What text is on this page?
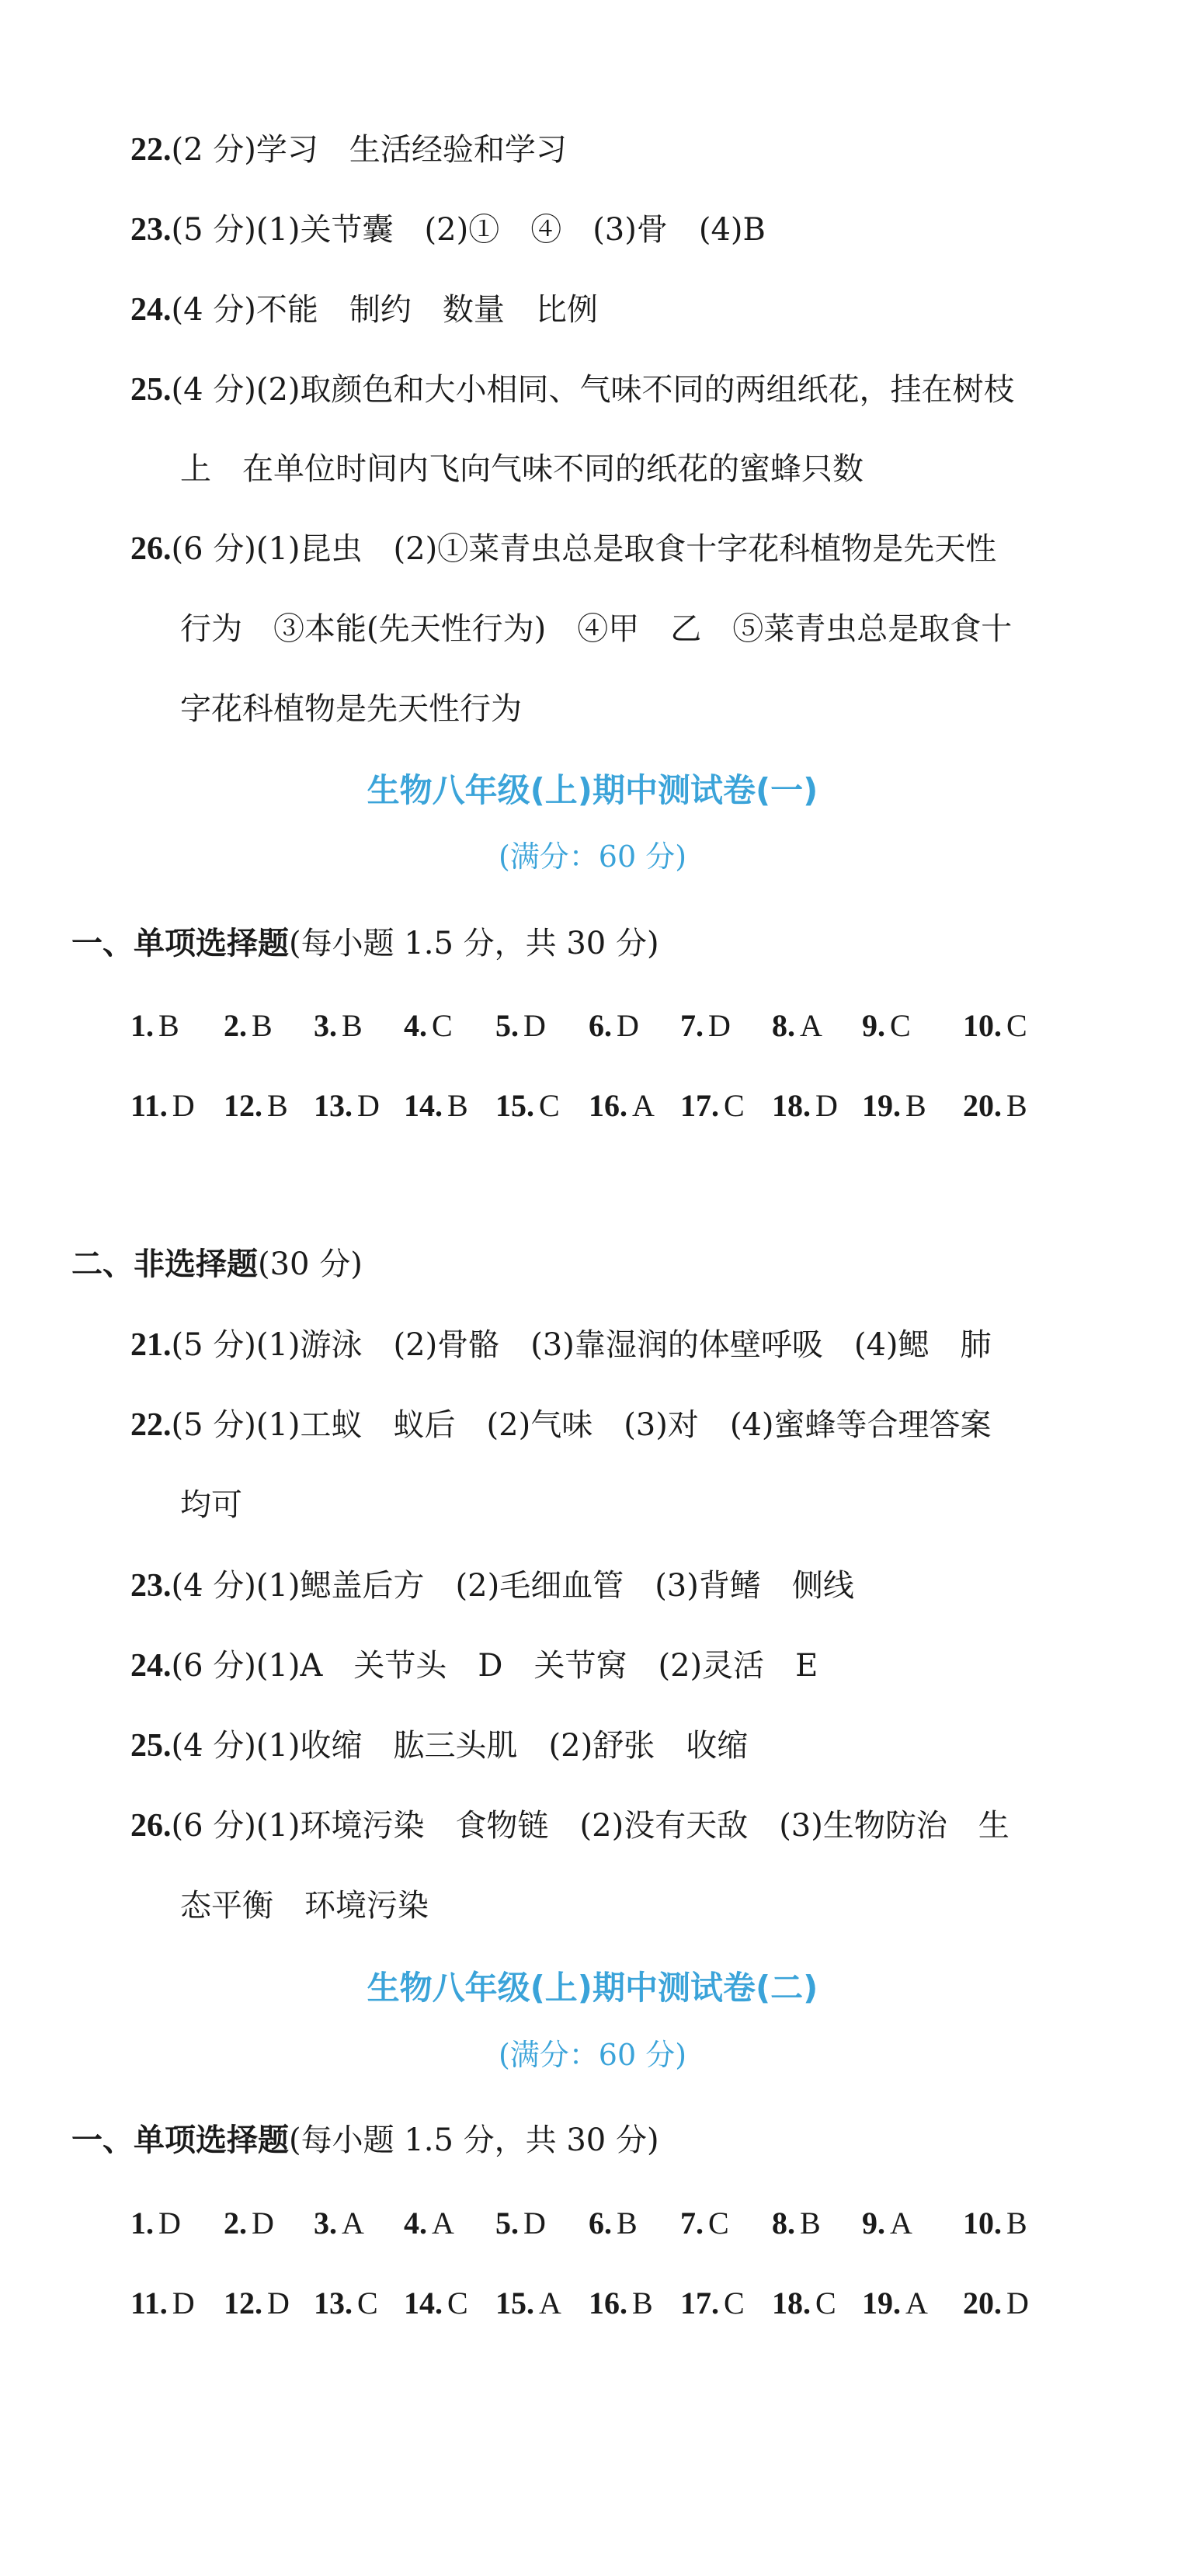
22.(2 分)学习　生活经验和学习
23.(5 分)(1)关节囊　(2)①　④　(3)骨　(4)B
24.(4 分)不能　制约　数量　比例
25.(4 分)(2)取颜色和大小相同、气味不同的两组纸花，挂在树枝
上　在单位时间内飞向气味不同的纸花的蜜蜂只数
26.(6 分)(1)昆虫　(2)①菜青虫总是取食十字花科植物是先天性
行为　③本能(先天性行为)　④甲　乙　⑤菜青虫总是取食十
字花科植物是先天性行为
生物八年级(上)期中测试卷(一)
(满分：60 分)
一、单项选择题(每小题 1.5 分，共 30 分)
1. B 2. B 3. B 4. C 5. D 6. D 7. D 8. A 9. C 10. C
11. D 12. B 13. D 14. B 15. C 16. A 17. C 18. D 19. B 20. B
二、非选择题(30 分)
21.(5 分)(1)游泳　(2)骨骼　(3)靠湿润的体壁呼吸　(4)鳃　肺
22.(5 分)(1)工蚁　蚁后　(2)气味　(3)对　(4)蜜蜂等合理答案
均可
23.(4 分)(1)鳃盖后方　(2)毛细血管　(3)背鳍　侧线
24.(6 分)(1)A　关节头　D　关节窝　(2)灵活　E
25.(4 分)(1)收缩　肱三头肌　(2)舒张　收缩
26.(6 分)(1)环境污染　食物链　(2)没有天敌　(3)生物防治　生
态平衡　环境污染
生物八年级(上)期中测试卷(二)
(满分：60 分)
一、单项选择题(每小题 1.5 分，共 30 分)
1. D 2. D 3. A 4. A 5. D 6. B 7. C 8. B 9. A 10. B
11. D 12. D 13. C 14. C 15. A 16. B 17. C 18. C 19. A 20. D
